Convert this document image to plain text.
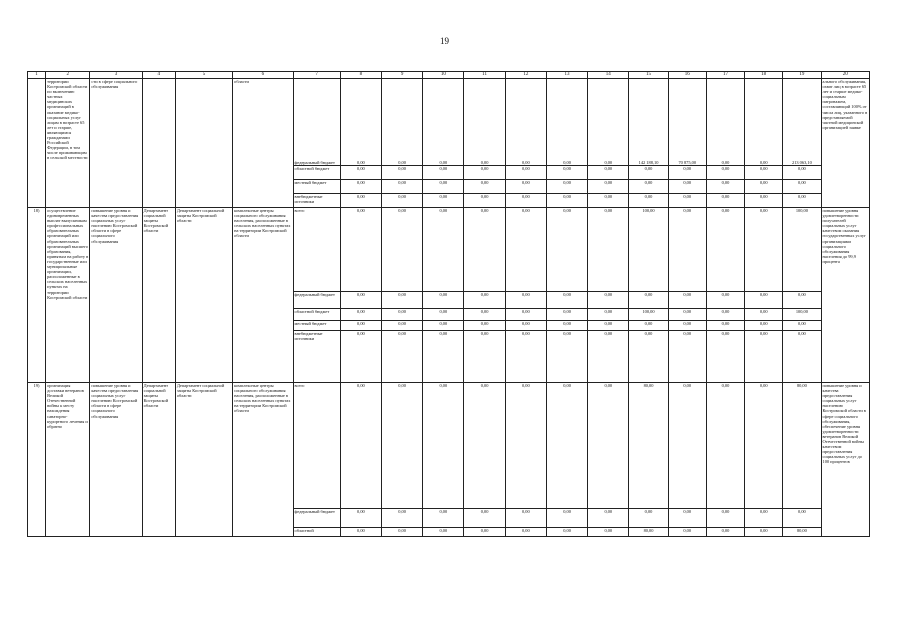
19
1	2	3	4	5	6	7	8	9	10	11	12	13	14	15	16	17	18	19	20
	территории Костромской области по включению частных медицинских организаций в оказание медико-социальных услуг лицам в возрасте 65 лет и старше, являющимся гражданами Российской Федерации, в том числе проживающим в сельской местности	сти в сфере социального обслуживания			области	федеральный бюджет	0,00	0,00	0,00	0,00	0,00	0,00	0,00	142 188,10	70 875,00	0,00	0,00	213 063,10	ального обслуживания, охват лиц в возрасте 65 лет и старше медико-социальным патронажем, составляющий 100% от числа лиц, указанного в представляемой частной медицинской организацией заявке
						областной бюджет	0,00	0,00	0,00	0,00	0,00	0,00	0,00	0,00	0,00	0,00	0,00	0,00	
						местный бюджет	0,00	0,00	0,00	0,00	0,00	0,00	0,00	0,00	0,00	0,00	0,00	0,00	
						внебюджетные источники	0,00	0,00	0,00	0,00	0,00	0,00	0,00	0,00	0,00	0,00	0,00	0,00	
18)	осуществление единовременных выплат выпускникам профессиональных образовательных организаций или образовательных организаций высшего образования, принятым на работу в государственные или муниципальные организации, расположенные в сельских населенных пунктах на территории Костромской области	повышение уровня и качества предоставления социальных услуг населению Костромской области в сфере социального обслуживания	Департамент социальной защиты Костромской области	Департамент социальной защиты Костромской области	комплексные центры социального обслуживания населения, расположенные в сельских населенных пунктах на территории Костромской области	всего	0,00	0,00	0,00	0,00	0,00	0,00	0,00	100,00	0,00	0,00	0,00	100,00	повышение уровня удовлетворенности получателей социальных услуг качеством оказания государственных услуг организациями социального обслуживания населения до 99,9 процента
						федеральный бюджет	0,00	0,00	0,00	0,00	0,00	0,00	0,00	0,00	0,00	0,00	0,00	0,00	
						областной бюджет	0,00	0,00	0,00	0,00	0,00	0,00	0,00	100,00	0,00	0,00	0,00	100,00	
						местный бюджет	0,00	0,00	0,00	0,00	0,00	0,00	0,00	0,00	0,00	0,00	0,00	0,00	
						внебюджетные источники	0,00	0,00	0,00	0,00	0,00	0,00	0,00	0,00	0,00	0,00	0,00	0,00	
19)	организация доставки ветеранов Великой Отечественной войны к месту нахождения санаторно-курортного лечения и обратно	повышение уровня и качества предоставления социальных услуг населению Костромской области в сфере социального обслуживания	Департамент социальной защиты Костромской области	Департамент социальной защиты Костромской области	комплексные центры социального обслуживания населения, расположенные в сельских населенных пунктах на территории Костромской области	всего	0,00	0,00	0,00	0,00	0,00	0,00	0,00	80,00	0,00	0,00	0,00	80,00	повышение уровня и качества предоставления социальных услуг населению Костромской области в сфере социального обслуживания, обеспечение уровня удовлетворенности ветеранов Великой Отечественной войны качеством предоставления социальных услуг до 100 процентов
						федеральный бюджет	0,00	0,00	0,00	0,00	0,00	0,00	0,00	0,00	0,00	0,00	0,00	0,00	
						областной	0,00	0,00	0,00	0,00	0,00	0,00	0,00	80,00	0,00	0,00	0,00	80,00	
